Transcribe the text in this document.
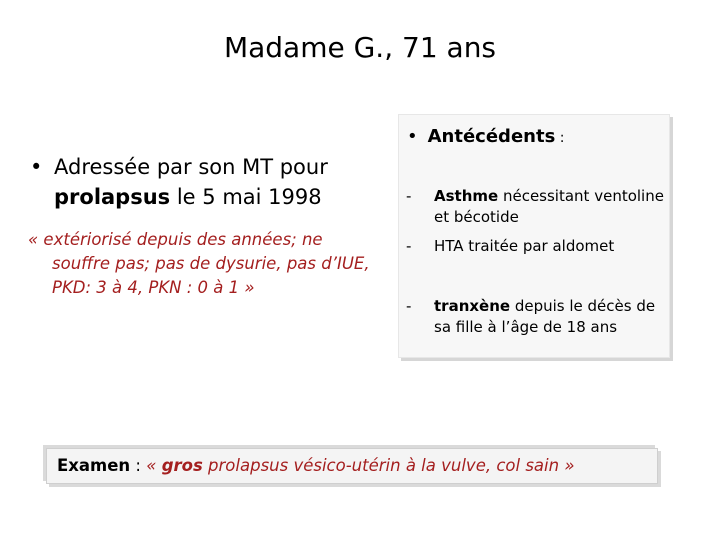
Madame G., 71 ans
• Adressée par son MT pour
prolapsus le 5 mai 1998
« extériorisé depuis des années; ne souffre pas; pas de dysurie, pas d’IUE, PKD: 3 à 4, PKN : 0 à 1 »
• Antécédents :
-	Asthme nécessitant ventoline et bécotide
-	HTA traitée par aldomet
-	tranxène depuis le décès de sa fille à l’âge de 18 ans
Examen : « gros prolapsus vésico-utérin à la vulve, col sain »
